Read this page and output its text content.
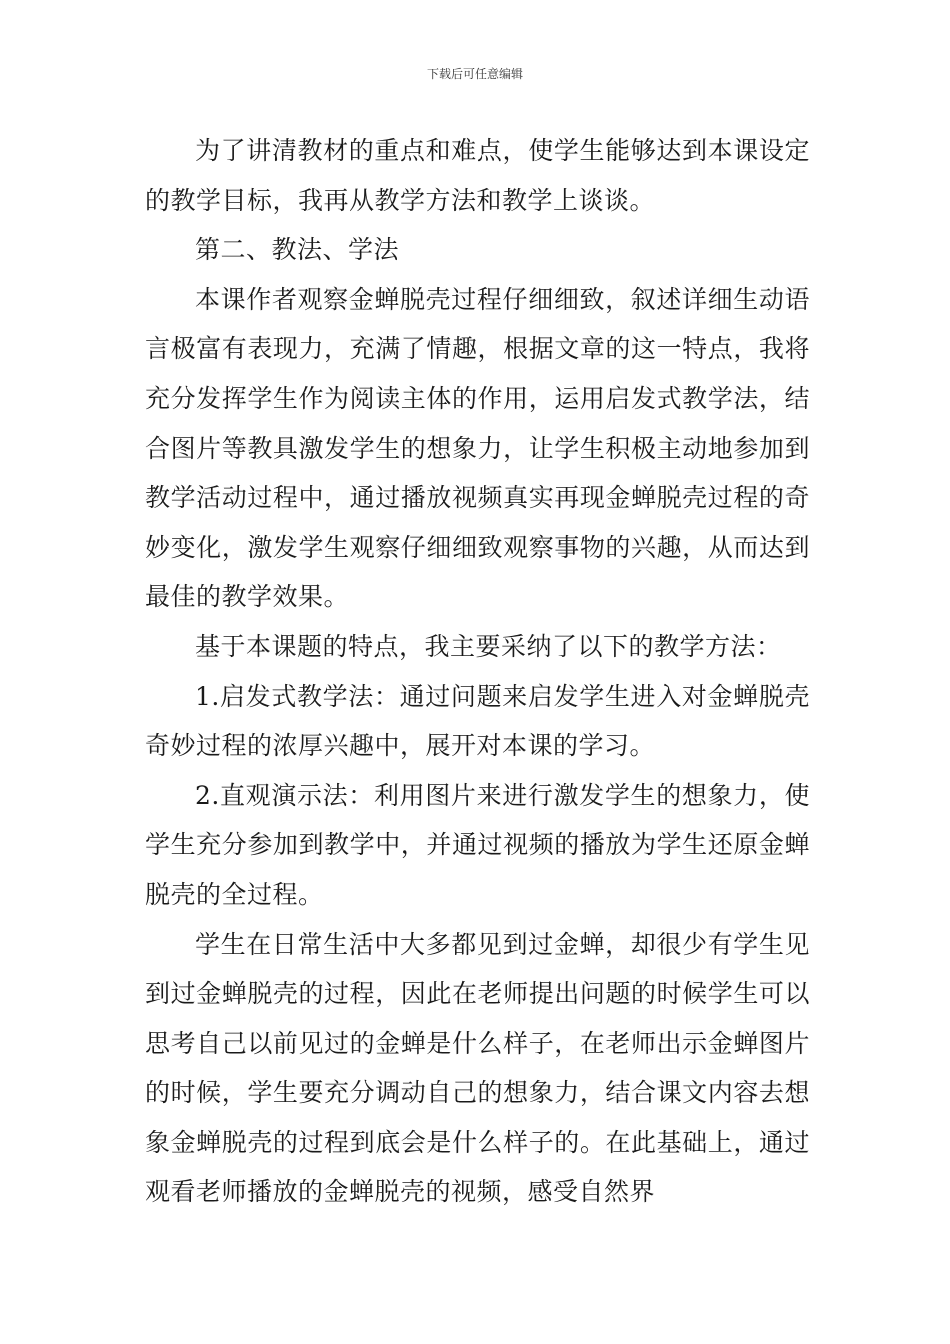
下载后可任意编辑

为了讲清教材的重点和难点，使学生能够达到本课设定的教学目标，我再从教学方法和教学上谈谈。

第二、教法、学法

本课作者观察金蝉脱壳过程仔细细致，叙述详细生动语言极富有表现力，充满了情趣，根据文章的这一特点，我将充分发挥学生作为阅读主体的作用，运用启发式教学法，结合图片等教具激发学生的想象力，让学生积极主动地参加到教学活动过程中，通过播放视频真实再现金蝉脱壳过程的奇妙变化，激发学生观察仔细细致观察事物的兴趣，从而达到最佳的教学效果。

基于本课题的特点，我主要采纳了以下的教学方法：

1.启发式教学法：通过问题来启发学生进入对金蝉脱壳奇妙过程的浓厚兴趣中，展开对本课的学习。

2.直观演示法：利用图片来进行激发学生的想象力，使学生充分参加到教学中，并通过视频的播放为学生还原金蝉脱壳的全过程。

学生在日常生活中大多都见到过金蝉，却很少有学生见到过金蝉脱壳的过程，因此在老师提出问题的时候学生可以思考自己以前见过的金蝉是什么样子，在老师出示金蝉图片的时候，学生要充分调动自己的想象力，结合课文内容去想象金蝉脱壳的过程到底会是什么样子的。在此基础上，通过观看老师播放的金蝉脱壳的视频，感受自然界
